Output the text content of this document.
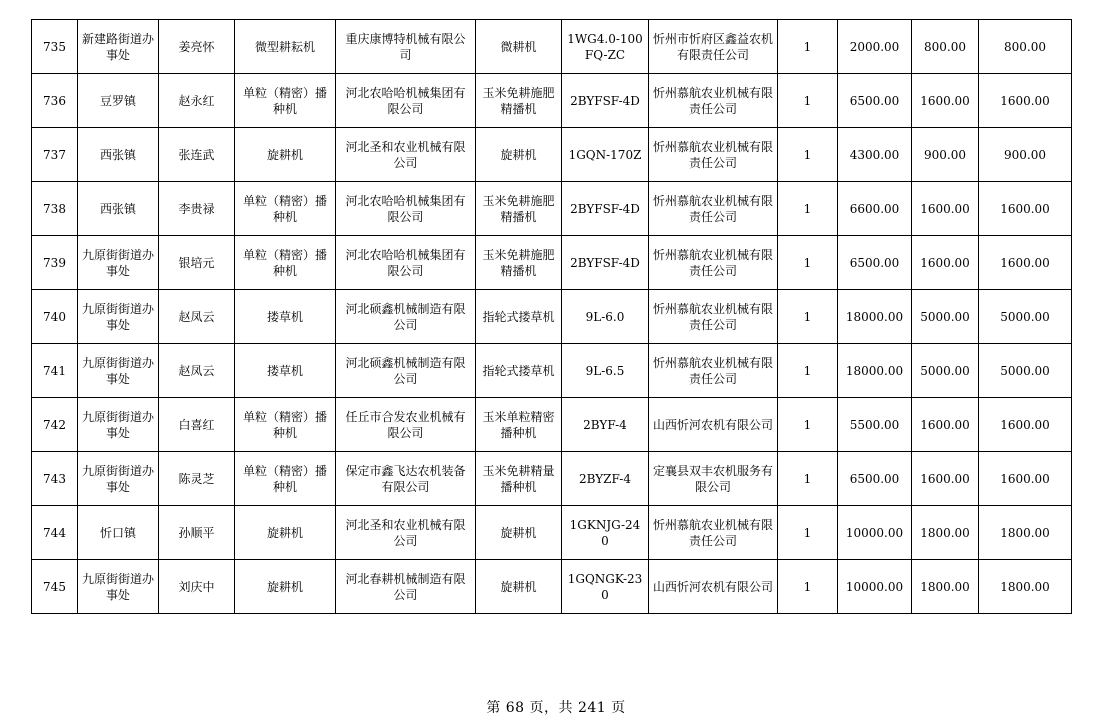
735	新建路街道办事处	姜亮怀	微型耕耘机	重庆康博特机械有限公司	微耕机	1WG4.0-100FQ-ZC	忻州市忻府区鑫益农机有限责任公司	1	2000.00	800.00	800.00
736	豆罗镇	赵永红	单粒（精密）播种机	河北农哈哈机械集团有限公司	玉米免耕施肥精播机	2BYFSF-4D	忻州慕航农业机械有限责任公司	1	6500.00	1600.00	1600.00
737	西张镇	张连武	旋耕机	河北圣和农业机械有限公司	旋耕机	1GQN-170Z	忻州慕航农业机械有限责任公司	1	4300.00	900.00	900.00
738	西张镇	李贵禄	单粒（精密）播种机	河北农哈哈机械集团有限公司	玉米免耕施肥精播机	2BYFSF-4D	忻州慕航农业机械有限责任公司	1	6600.00	1600.00	1600.00
739	九原街街道办事处	银培元	单粒（精密）播种机	河北农哈哈机械集团有限公司	玉米免耕施肥精播机	2BYFSF-4D	忻州慕航农业机械有限责任公司	1	6500.00	1600.00	1600.00
740	九原街街道办事处	赵凤云	搂草机	河北硕鑫机械制造有限公司	指轮式搂草机	9L-6.0	忻州慕航农业机械有限责任公司	1	18000.00	5000.00	5000.00
741	九原街街道办事处	赵凤云	搂草机	河北硕鑫机械制造有限公司	指轮式搂草机	9L-6.5	忻州慕航农业机械有限责任公司	1	18000.00	5000.00	5000.00
742	九原街街道办事处	白喜红	单粒（精密）播种机	任丘市合发农业机械有限公司	玉米单粒精密播种机	2BYF-4	山西忻河农机有限公司	1	5500.00	1600.00	1600.00
743	九原街街道办事处	陈灵芝	单粒（精密）播种机	保定市鑫飞达农机装备有限公司	玉米免耕精量播种机	2BYZF-4	定襄县双丰农机服务有限公司	1	6500.00	1600.00	1600.00
744	忻口镇	孙顺平	旋耕机	河北圣和农业机械有限公司	旋耕机	1GKNJG-240	忻州慕航农业机械有限责任公司	1	10000.00	1800.00	1800.00
745	九原街街道办事处	刘庆中	旋耕机	河北春耕机械制造有限公司	旋耕机	1GQNGK-230	山西忻河农机有限公司	1	10000.00	1800.00	1800.00
第 68 页，共 241 页
